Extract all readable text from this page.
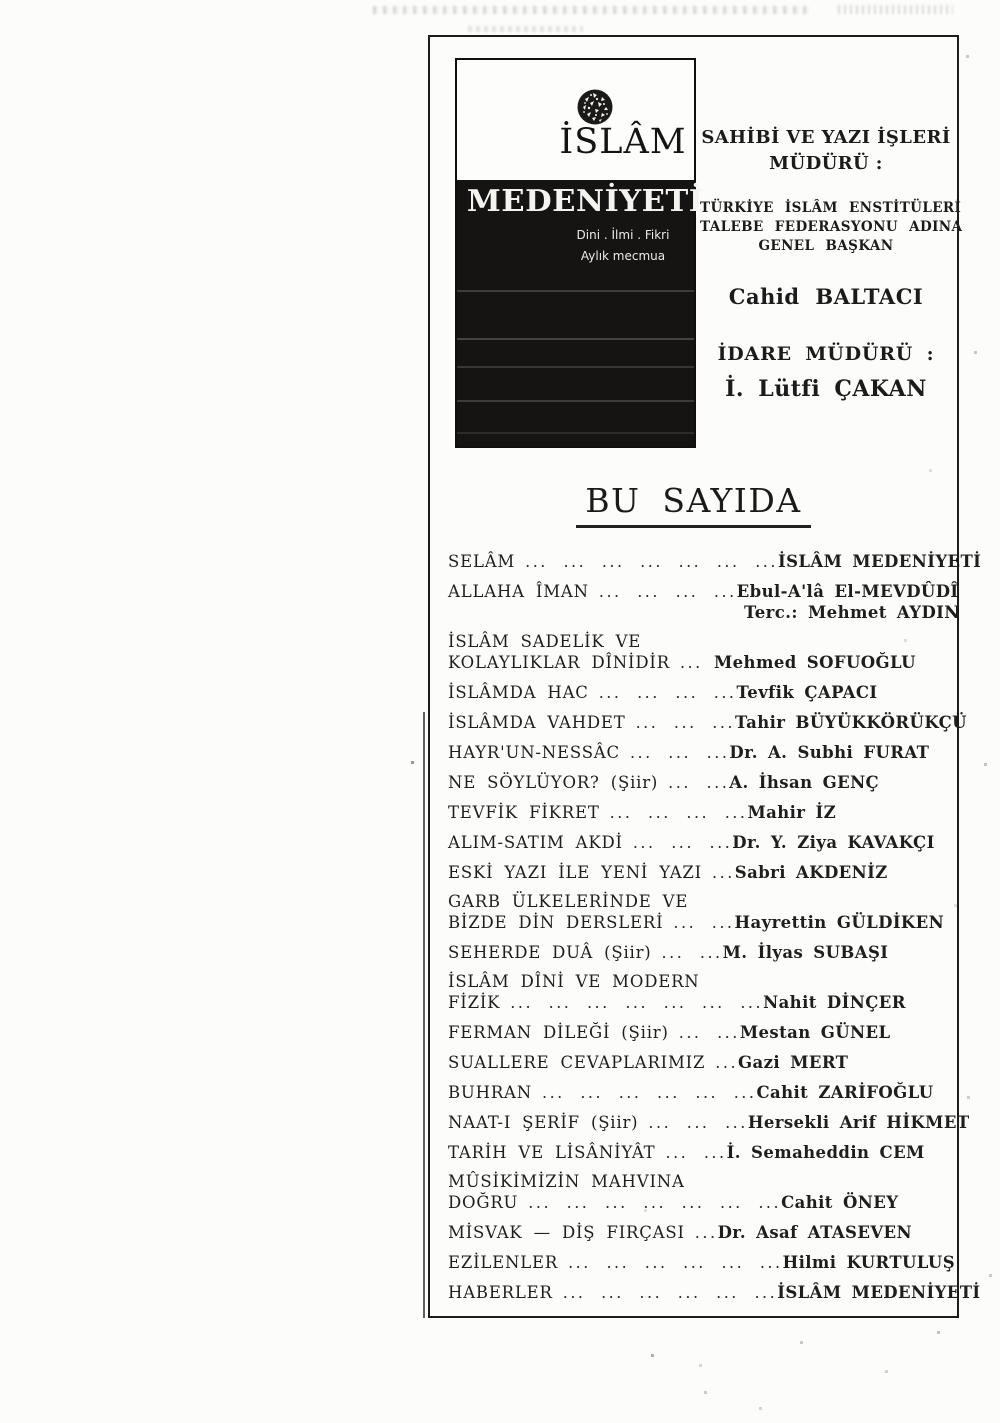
İSLÂM
MEDENİYETİ
Dini . İlmi . Fikri
Aylık mecmua
SAHİBİ VE YAZI İŞLERİ
MÜDÜRÜ :
TÜRKİYE İSLÂM ENSTİTÜLERİ
TALEBE FEDERASYONU ADINA
GENEL BAŞKAN
Cahid BALTACI
İDARE MÜDÜRÜ :
İ. Lütfi ÇAKAN
BU SAYIDA
SELÂM ... ... ... ... ... ... ... İSLÂM MEDENİYETİ
ALLAHA ÎMAN ... ... ... ... Ebul-A'lâ El-MEVDÛDÎ
Terc.: Mehmet AYDIN
İSLÂM SADELİK VE
KOLAYLIKLAR DÎNİDİR ... Mehmed SOFUOĞLU
İSLÂMDA HAC ... ... ... ... Tevfik ÇAPACI
İSLÂMDA VAHDET ... ... ... Tahir BÜYÜKKÖRÜKÇÜ
HAYR'UN-NESSÂC ... ... ... Dr. A. Subhi FURAT
NE SÖYLÜYOR? (Şiir) ... ... A. İhsan GENÇ
TEVFİK FİKRET ... ... ... ... Mahir İZ
ALIM-SATIM AKDİ ... ... ... Dr. Y. Ziya KAVAKÇI
ESKİ YAZI İLE YENİ YAZI ... Sabri AKDENİZ
GARB ÜLKELERİNDE VE
BİZDE DİN DERSLERİ ... ... Hayrettin GÜLDİKEN
SEHERDE DUÂ (Şiir) ... ... M. İlyas SUBAŞI
İSLÂM DÎNİ VE MODERN
FİZİK ... ... ... ... ... ... ... Nahit DİNÇER
FERMAN DİLEĞİ (Şiir) ... ... Mestan GÜNEL
SUALLERE CEVAPLARIMIZ ... Gazi MERT
BUHRAN ... ... ... ... ... ... Cahit ZARİFOĞLU
NAAT-I ŞERİF (Şiir) ... ... ... Hersekli Arif HİKMET
TARİH VE LİSÂNİYÂT ... ... İ. Semaheddin CEM
MÛSİKİMİZİN MAHVINA
DOĞRU ... ... ... ... ... ... ... Cahit ÖNEY
MİSVAK — DİŞ FIRÇASI ... Dr. Asaf ATASEVEN
EZİLENLER ... ... ... ... ... ... Hilmi KURTULUŞ
HABERLER ... ... ... ... ... ... İSLÂM MEDENİYETİ
